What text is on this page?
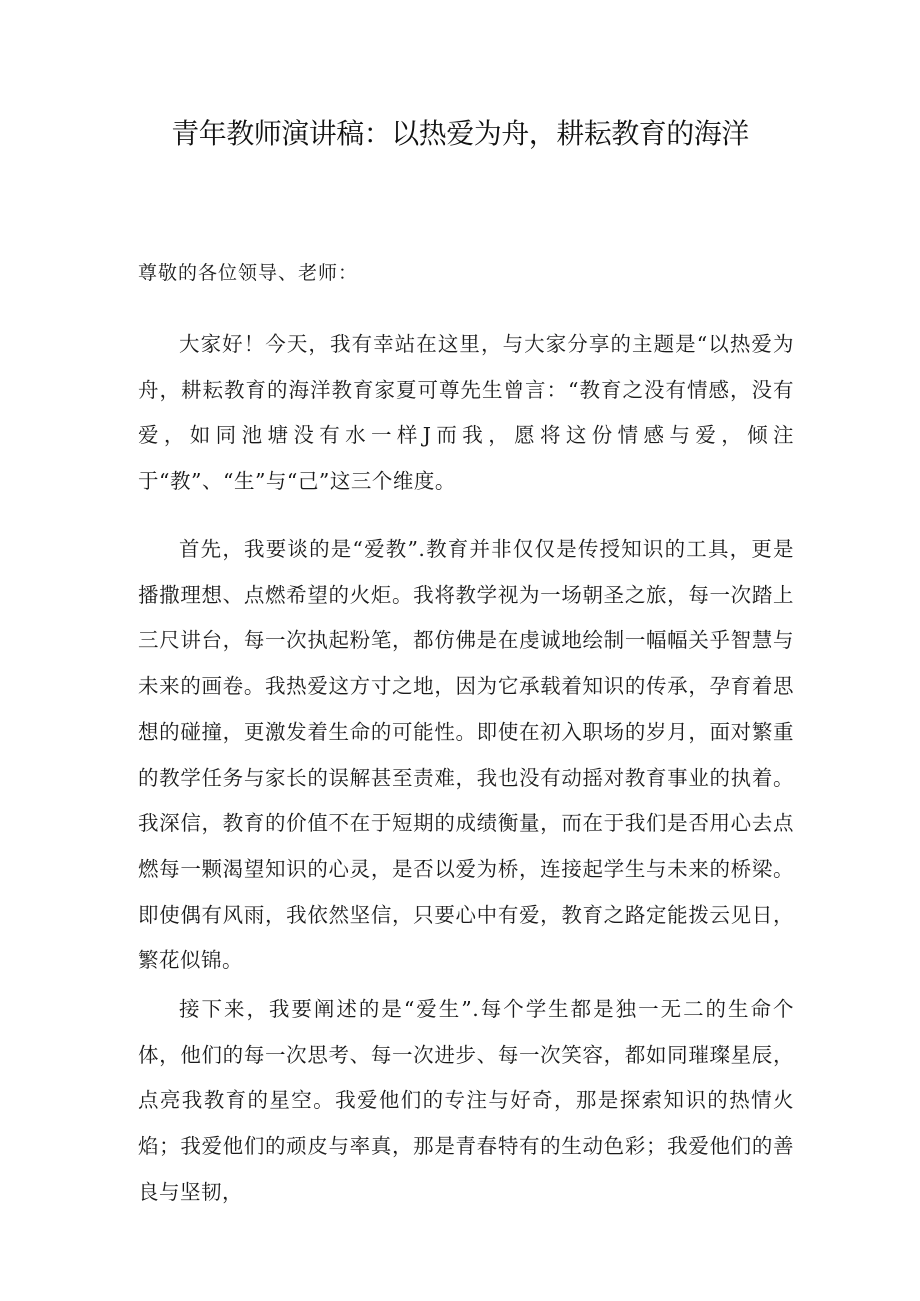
青年教师演讲稿：以热爱为舟，耕耘教育的海洋
尊敬的各位领导、老师：

大家好！今天，我有幸站在这里，与大家分享的主题是“以热爱为舟，耕耘教育的海洋教育家夏可尊先生曾言：“教育之没有情感，没有爱，如同池塘没有水一样J而我，愿将这份情感与爱，倾注于“教”、“生”与“己”这三个维度。

首先，我要谈的是“爱教”.教育并非仅仅是传授知识的工具，更是播撒理想、点燃希望的火炬。我将教学视为一场朝圣之旅，每一次踏上三尺讲台，每一次执起粉笔，都仿佛是在虔诚地绘制一幅幅关乎智慧与未来的画卷。我热爱这方寸之地，因为它承载着知识的传承，孕育着思想的碰撞，更激发着生命的可能性。即使在初入职场的岁月，面对繁重的教学任务与家长的误解甚至责难，我也没有动摇对教育事业的执着。我深信，教育的价值不在于短期的成绩衡量，而在于我们是否用心去点燃每一颗渴望知识的心灵，是否以爱为桥，连接起学生与未来的桥梁。即使偶有风雨，我依然坚信，只要心中有爱，教育之路定能拨云见日，繁花似锦。

接下来，我要阐述的是“爱生”.每个学生都是独一无二的生命个体，他们的每一次思考、每一次进步、每一次笑容，都如同璀璨星辰，点亮我教育的星空。我爱他们的专注与好奇，那是探索知识的热情火焰；我爱他们的顽皮与率真，那是青春特有的生动色彩；我爱他们的善良与坚韧，
